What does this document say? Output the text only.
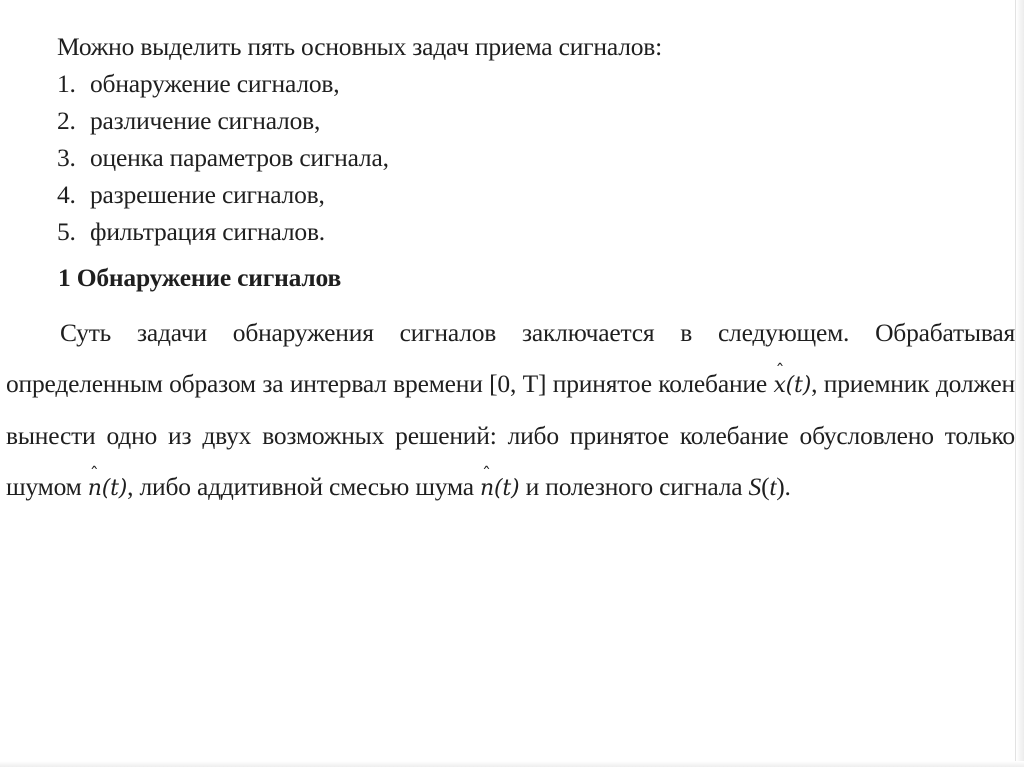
Можно выделить пять основных задач приема сигналов:
1. обнаружение сигналов,
2. различение сигналов,
3. оценка параметров сигнала,
4. разрешение сигналов,
5. фильтрация сигналов.
1 Обнаружение сигналов
Суть задачи обнаружения сигналов заключается в следующем. Обрабатывая определенным образом за интервал времени [0, T] принятое колебание ˆ x(t), приемник должен вынести одно из двух возможных решений: либо принятое колебание обусловлено только шумом ˆ n(t), либо аддитивной смесью шума ˆ n(t) и полезного сигнала S(t).
